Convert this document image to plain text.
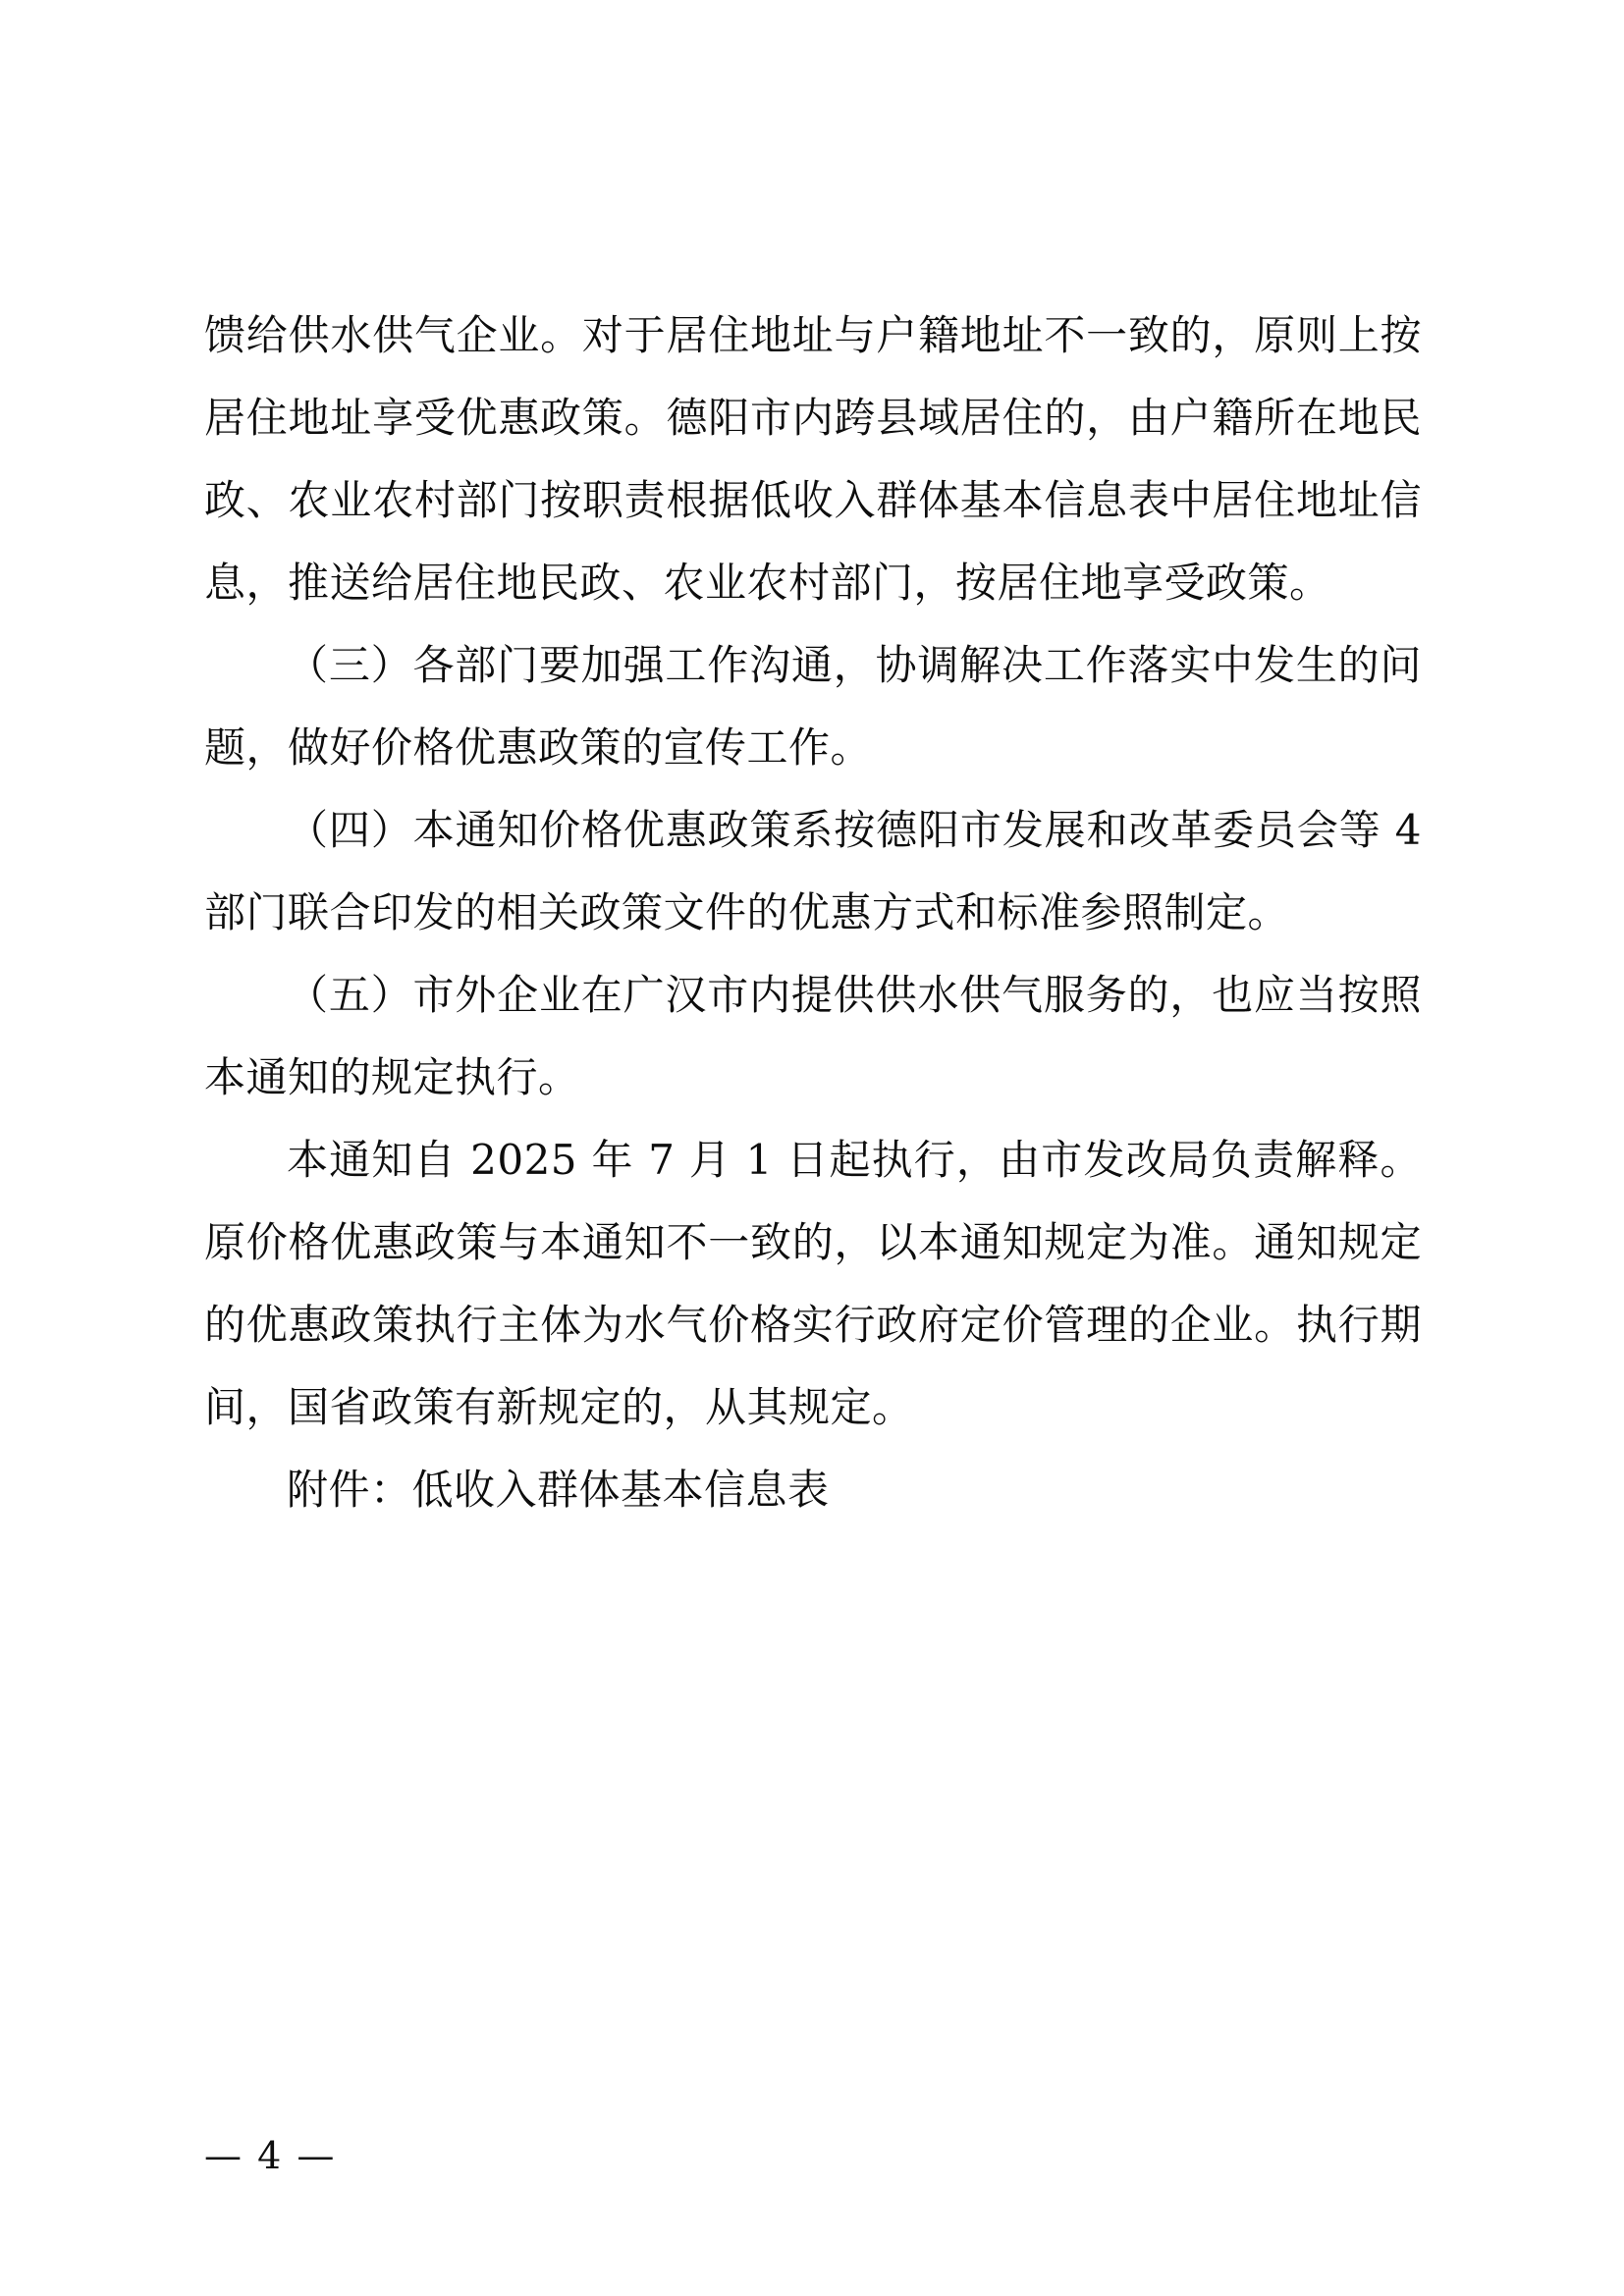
馈给供水供气企业。对于居住地址与户籍地址不一致的，原则上按居住地址享受优惠政策。德阳市内跨县域居住的，由户籍所在地民政、农业农村部门按职责根据低收入群体基本信息表中居住地址信息，推送给居住地民政、农业农村部门，按居住地享受政策。

（三）各部门要加强工作沟通，协调解决工作落实中发生的问题，做好价格优惠政策的宣传工作。

（四）本通知价格优惠政策系按德阳市发展和改革委员会等 4 部门联合印发的相关政策文件的优惠方式和标准参照制定。

（五）市外企业在广汉市内提供供水供气服务的，也应当按照本通知的规定执行。

本通知自 2025 年 7 月 1 日起执行，由市发改局负责解释。原价格优惠政策与本通知不一致的，以本通知规定为准。通知规定的优惠政策执行主体为水气价格实行政府定价管理的企业。执行期间，国省政策有新规定的，从其规定。

附件：低收入群体基本信息表

— 4 —
